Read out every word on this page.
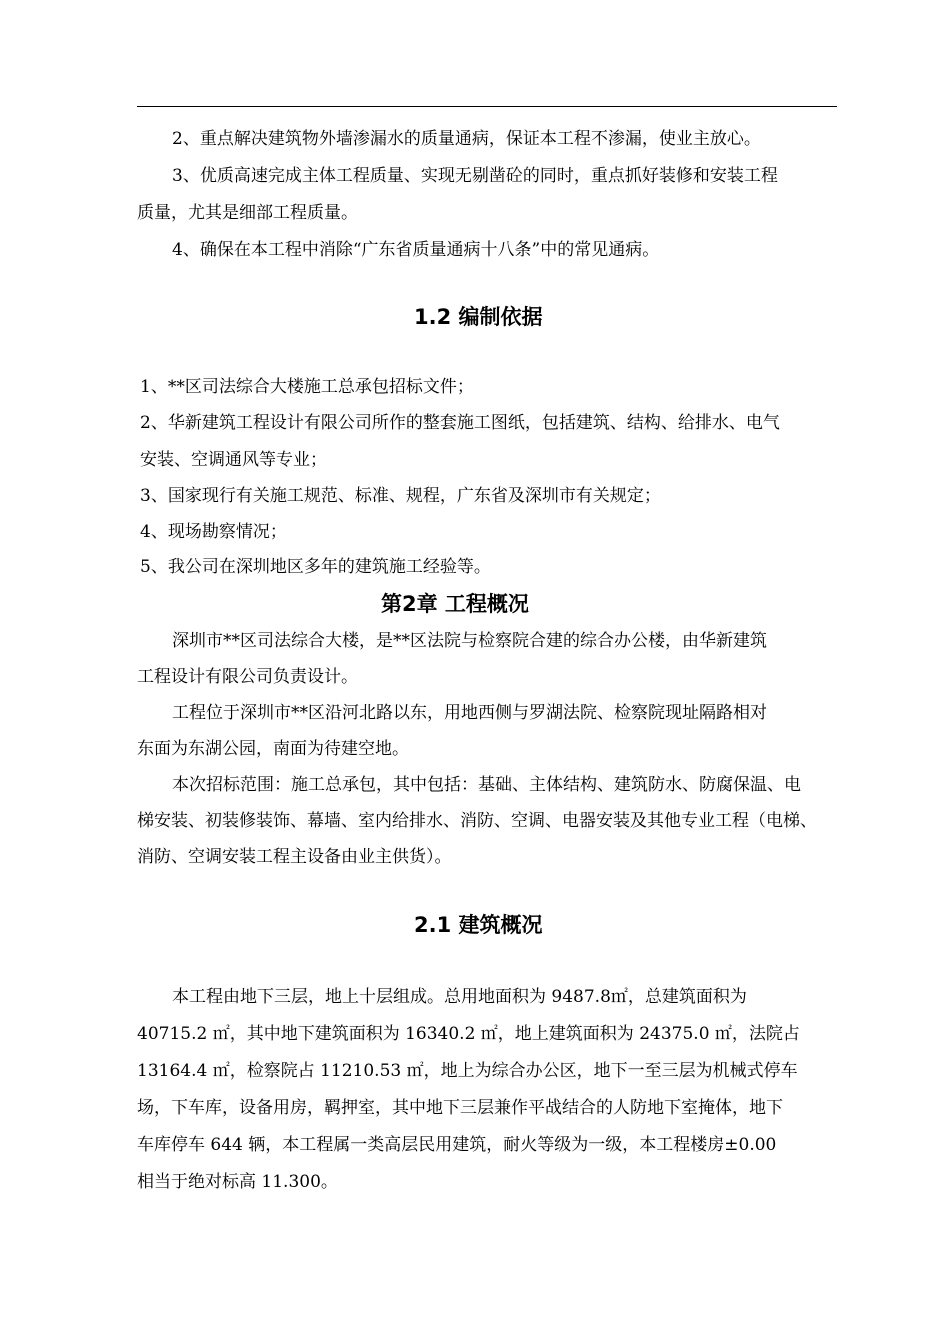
2、重点解决建筑物外墙渗漏水的质量通病，保证本工程不渗漏，使业主放心。
3、优质高速完成主体工程质量、实现无剔凿砼的同时，重点抓好装修和安装工程
质量，尤其是细部工程质量。
4、确保在本工程中消除“广东省质量通病十八条”中的常见通病。
1.2 编制依据
1、**区司法综合大楼施工总承包招标文件；
2、华新建筑工程设计有限公司所作的整套施工图纸，包括建筑、结构、给排水、电气
安装、空调通风等专业；
3、国家现行有关施工规范、标准、规程，广东省及深圳市有关规定；
4、现场勘察情况；
5、我公司在深圳地区多年的建筑施工经验等。
第2章 工程概况
深圳市**区司法综合大楼，是**区法院与检察院合建的综合办公楼，由华新建筑
工程设计有限公司负责设计。
工程位于深圳市**区沿河北路以东，用地西侧与罗湖法院、检察院现址隔路相对
东面为东湖公园，南面为待建空地。
本次招标范围：施工总承包，其中包括：基础、主体结构、建筑防水、防腐保温、电
梯安装、初装修装饰、幕墙、室内给排水、消防、空调、电器安装及其他专业工程（电梯、
消防、空调安装工程主设备由业主供货）。
2.1 建筑概况
本工程由地下三层，地上十层组成。总用地面积为 9487.8㎡，总建筑面积为
40715.2 ㎡，其中地下建筑面积为 16340.2 ㎡，地上建筑面积为 24375.0 ㎡，法院占
13164.4 ㎡，检察院占 11210.53 ㎡，地上为综合办公区，地下一至三层为机械式停车
场，下车库，设备用房，羁押室，其中地下三层兼作平战结合的人防地下室掩体，地下
车库停车 644 辆，本工程属一类高层民用建筑，耐火等级为一级，本工程楼房±0.00
相当于绝对标高 11.300。
